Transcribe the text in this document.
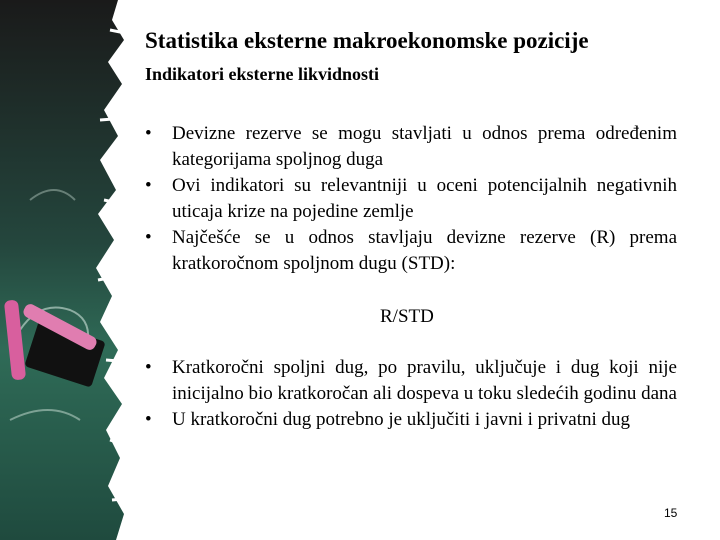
Statistika eksterne makroekonomske pozicije
Indikatori eksterne likvidnosti
• Devizne rezerve se mogu stavljati u odnos prema određenim kategorijama spoljnog duga
• Ovi indikatori su relevantniji u oceni potencijalnih negativnih uticaja krize na pojedine zemlje
• Najčešće se u odnos stavljaju devizne rezerve (R) prema kratkoročnom spoljnom dugu (STD):
R/STD
• Kratkoročni spoljni dug, po pravilu, uključuje i dug koji nije inicijalno bio kratkoročan ali dospeva u toku sledećih godinu dana
• U kratkoročni dug potrebno je uključiti i javni i privatni dug
15
